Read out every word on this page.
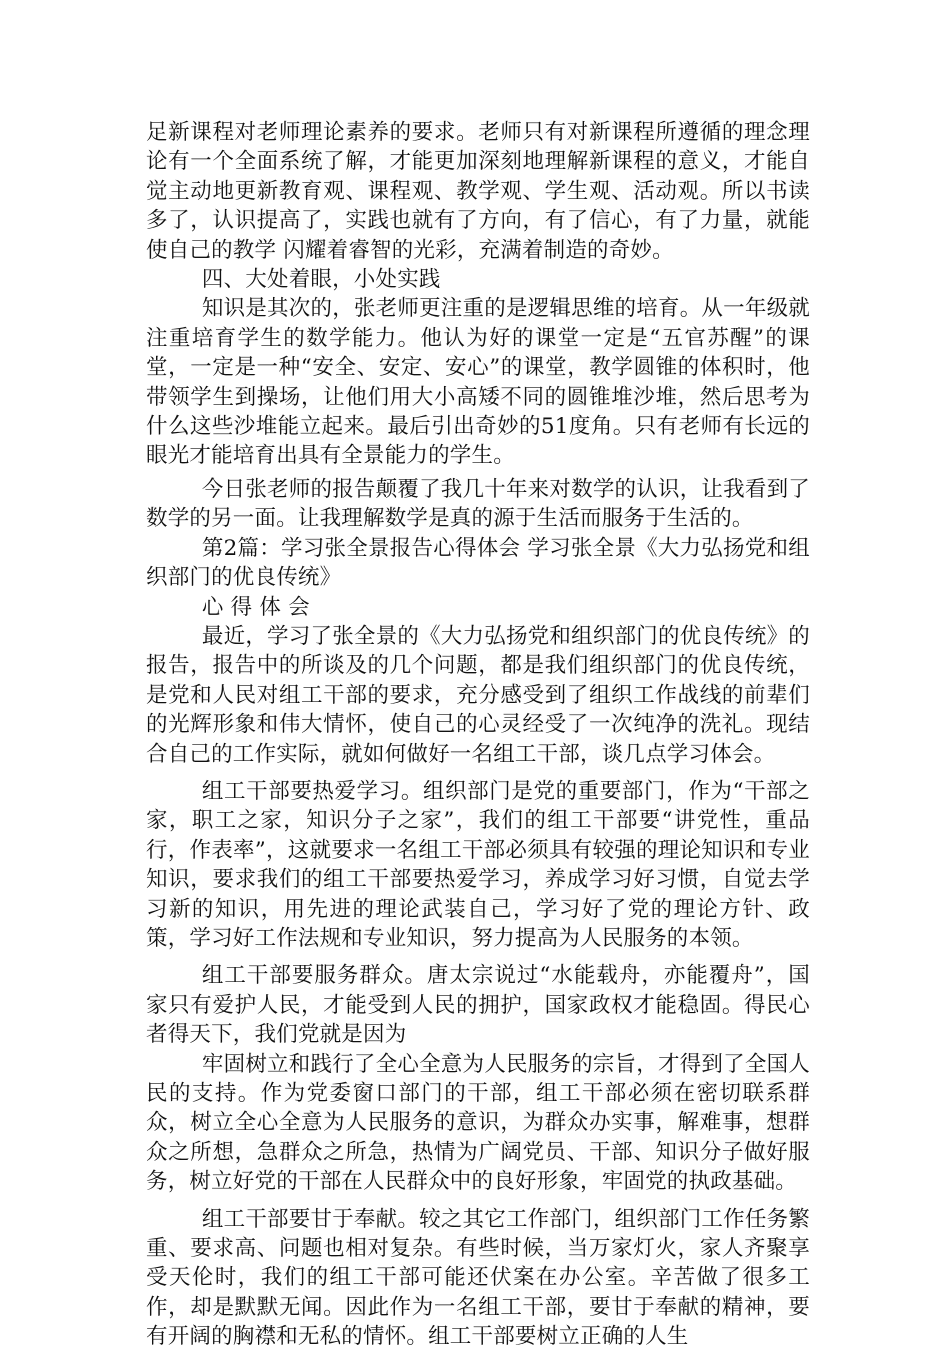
足新课程对老师理论素养的要求。老师只有对新课程所遵循的理念理论有一个全面系统了解，才能更加深刻地理解新课程的意义，才能自觉主动地更新教育观、课程观、教学观、学生观、活动观。所以书读多了，认识提高了，实践也就有了方向，有了信心，有了力量，就能使自己的教学 闪耀着睿智的光彩，充满着制造的奇妙。

四、大处着眼，小处实践

知识是其次的，张老师更注重的是逻辑思维的培育。从一年级就注重培育学生的数学能力。他认为好的课堂一定是“五官苏醒”的课堂，一定是一种“安全、安定、安心”的课堂，教学圆锥的体积时，他带领学生到操场，让他们用大小高矮不同的圆锥堆沙堆，然后思考为什么这些沙堆能立起来。最后引出奇妙的51度角。只有老师有长远的眼光才能培育出具有全景能力的学生。

今日张老师的报告颠覆了我几十年来对数学的认识，让我看到了数学的另一面。让我理解数学是真的源于生活而服务于生活的。

第2篇：学习张全景报告心得体会 学习张全景《大力弘扬党和组织部门的优良传统》

心 得 体 会

最近，学习了张全景的《大力弘扬党和组织部门的优良传统》的报告，报告中的所谈及的几个问题，都是我们组织部门的优良传统，是党和人民对组工干部的要求，充分感受到了组织工作战线的前辈们的光辉形象和伟大情怀，使自己的心灵经受了一次纯净的洗礼。现结合自己的工作实际，就如何做好一名组工干部，谈几点学习体会。

组工干部要热爱学习。组织部门是党的重要部门，作为“干部之家，职工之家，知识分子之家”，我们的组工干部要“讲党性，重品行，作表率”，这就要求一名组工干部必须具有较强的理论知识和专业知识，要求我们的组工干部要热爱学习，养成学习好习惯，自觉去学习新的知识，用先进的理论武装自己，学习好了党的理论方针、政策，学习好工作法规和专业知识，努力提高为人民服务的本领。

组工干部要服务群众。唐太宗说过“水能载舟，亦能覆舟”，国家只有爱护人民，才能受到人民的拥护，国家政权才能稳固。得民心者得天下，我们党就是因为

牢固树立和践行了全心全意为人民服务的宗旨，才得到了全国人民的支持。作为党委窗口部门的干部，组工干部必须在密切联系群众，树立全心全意为人民服务的意识，为群众办实事，解难事，想群众之所想，急群众之所急，热情为广阔党员、干部、知识分子做好服务，树立好党的干部在人民群众中的良好形象，牢固党的执政基础。

组工干部要甘于奉献。较之其它工作部门，组织部门工作任务繁重、要求高、问题也相对复杂。有些时候，当万家灯火，家人齐聚享受天伦时，我们的组工干部可能还伏案在办公室。辛苦做了很多工作，却是默默无闻。因此作为一名组工干部，要甘于奉献的精神，要有开阔的胸襟和无私的情怀。组工干部要树立正确的人生
